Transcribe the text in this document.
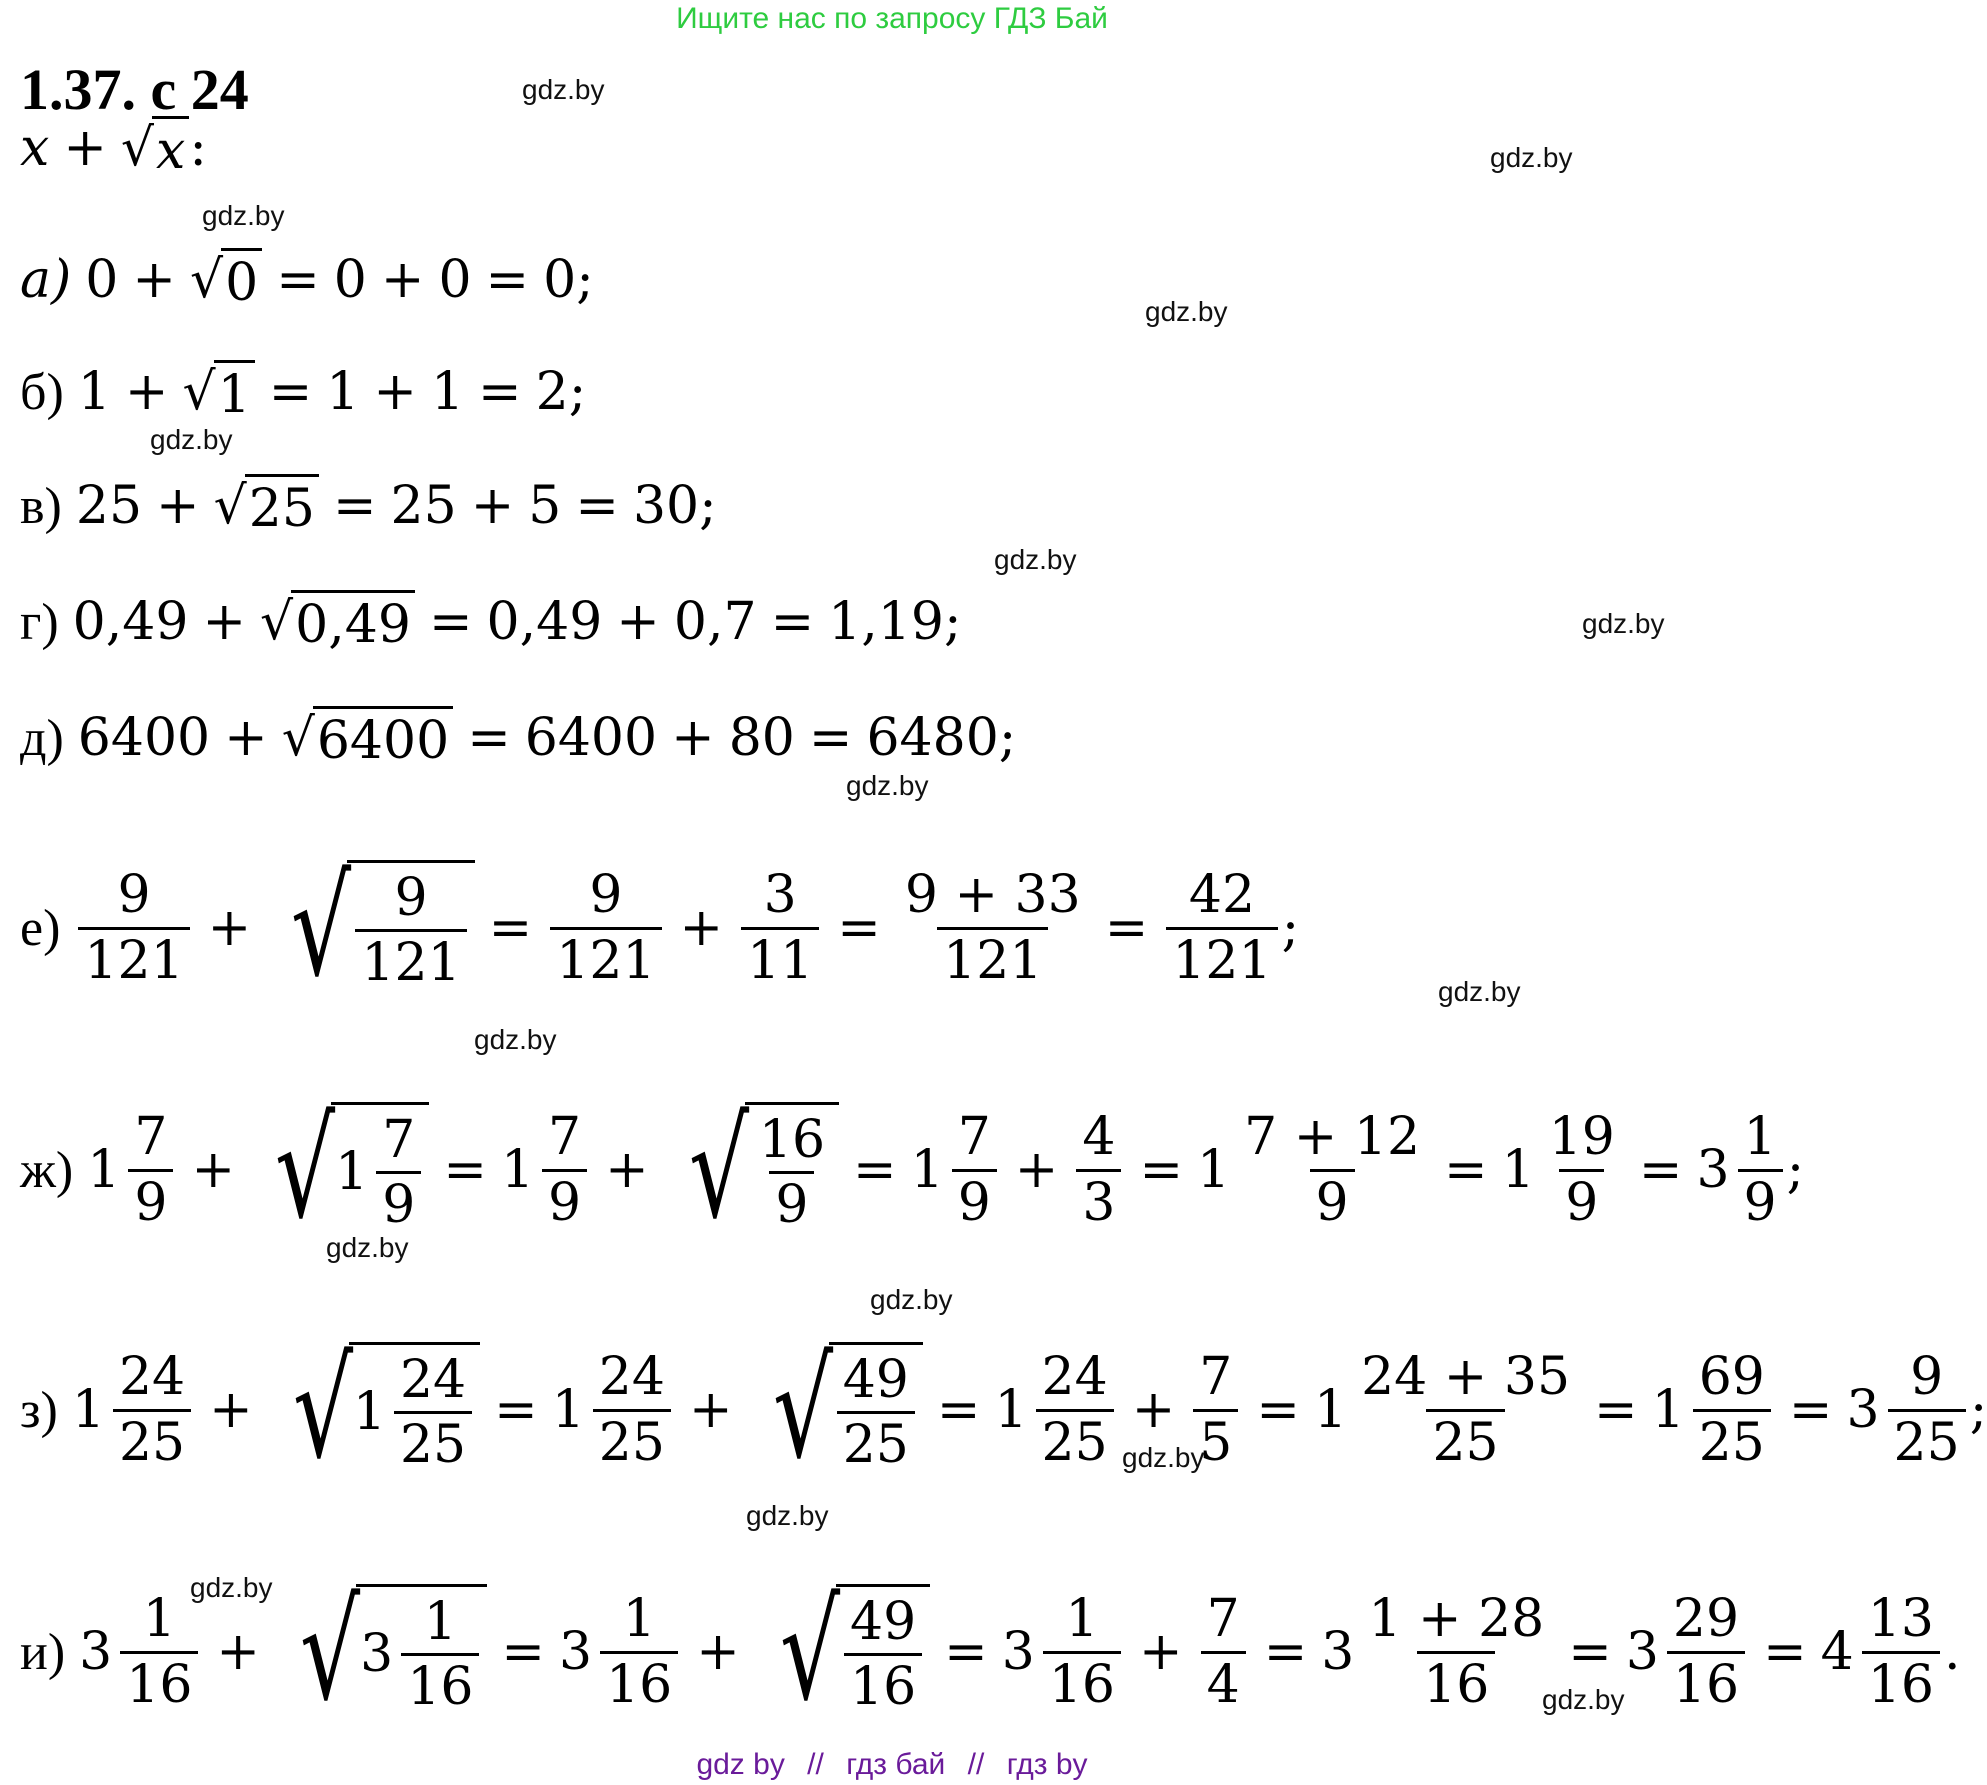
Ищите нас по запросу ГДЗ Бай
1.37. с 24
x + √ x :
а) 0 + √ 0 = 0 + 0 = 0;
б) 1 + √ 1 = 1 + 1 = 2;
в) 25 + √ 25 = 25 + 5 = 30;
г) 0,49 + √ 0,49 = 0,49 + 0,7 = 1,19;
д) 6400 + √ 6400 = 6400 + 80 = 6480;
$е) \frac{9}{121}$ + √ $\frac{9}{121} = \frac{9}{121} + \frac{3}{11} = \frac{9 + 33}{121} = \frac{42}{121}$ ;
ж) $1 \frac{7}{9}$ + √ $1 \frac{7}{9} = 1 \frac{7}{9}$ + √ $\frac{16}{9} = 1 \frac{7}{9} + \frac{4}{3} = 1 \frac{7 + 12}{9} = 1 \frac{19}{9} = 3 \frac{1}{9}$ ;
з) $1 \frac{24}{25}$ + √ $1 \frac{24}{25} = 1 \frac{24}{25}$ + √ $\frac{49}{25} = 1 \frac{24}{25} + \frac{7}{5} = 1 \frac{24 + 35}{25} = 1 \frac{69}{25} = 3 \frac{9}{25}$ ;
и) $3 \frac{1}{16}$ + √ $3 \frac{1}{16} = 3 \frac{1}{16}$ + √ $\frac{49}{16} = 3 \frac{1}{16} + \frac{7}{4} = 3 \frac{1 + 28}{16} = 3 \frac{29}{16} = 4 \frac{13}{16}$ .
gdz.by
gdz.by
gdz.by
gdz.by
gdz.by
gdz.by
gdz.by
gdz.by
gdz.by
gdz.by
gdz.by
gdz.by
gdz.by
gdz.by
gdz.by
gdz.by
gdz by // гдз бай // гдз by
